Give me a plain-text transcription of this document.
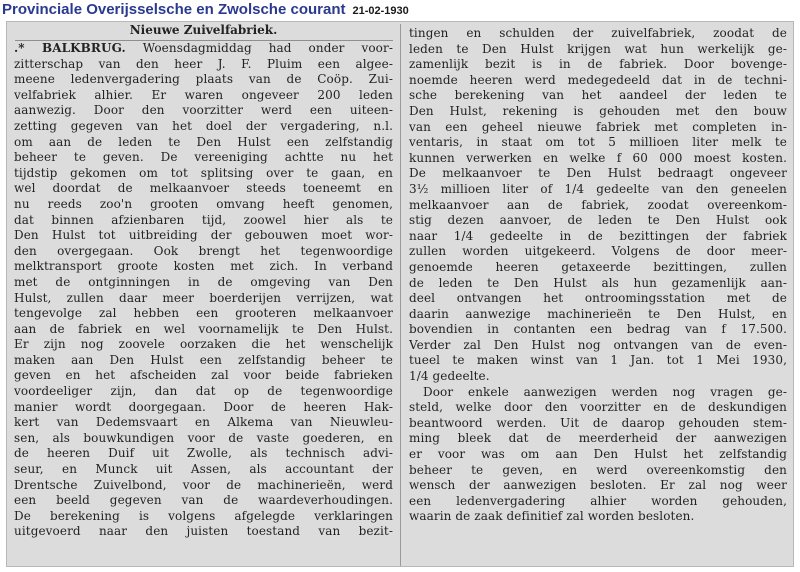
Provinciale Overijsselsche en Zwolsche courant 21-02-1930
Nieuwe Zuivelfabriek.
.* BALKBRUG. Woensdagmiddag had onder voor-
zitterschap van den heer J. F. Pluim een algee-
meene ledenvergadering plaats van de Coöp. Zui-
velfabriek alhier. Er waren ongeveer 200 leden
aanwezig. Door den voorzitter werd een uiteen-
zetting gegeven van het doel der vergadering, n.l.
om aan de leden te Den Hulst een zelfstandig
beheer te geven. De vereeniging achtte nu het
tijdstip gekomen om tot splitsing over te gaan, en
wel doordat de melkaanvoer steeds toeneemt en
nu reeds zoo'n grooten omvang heeft genomen,
dat binnen afzienbaren tijd, zoowel hier als te
Den Hulst tot uitbreiding der gebouwen moet wor-
den overgegaan. Ook brengt het tegenwoordige
melktransport groote kosten met zich. In verband
met de ontginningen in de omgeving van Den
Hulst, zullen daar meer boerderijen verrijzen, wat
tengevolge zal hebben een grooteren melkaanvoer
aan de fabriek en wel voornamelijk te Den Hulst.
Er zijn nog zoovele oorzaken die het wenschelijk
maken aan Den Hulst een zelfstandig beheer te
geven en het afscheiden zal voor beide fabrieken
voordeeliger zijn, dan dat op de tegenwoordige
manier wordt doorgegaan. Door de heeren Hak-
kert van Dedemsvaart en Alkema van Nieuwleu-
sen, als bouwkundigen voor de vaste goederen, en
de heeren Duif uit Zwolle, als technisch advi-
seur, en Munck uit Assen, als accountant der
Drentsche Zuivelbond, voor de machinerieën, werd
een beeld gegeven van de waardeverhoudingen.
De berekening is volgens afgelegde verklaringen
uitgevoerd naar den juisten toestand van bezit-
tingen en schulden der zuivelfabriek, zoodat de
leden te Den Hulst krijgen wat hun werkelijk ge-
zamenlijk bezit is in de fabriek. Door bovenge-
noemde heeren werd medegedeeld dat in de techni-
sche berekening van het aandeel der leden te
Den Hulst, rekening is gehouden met den bouw
van een geheel nieuwe fabriek met completen in-
ventaris, in staat om tot 5 millioen liter melk te
kunnen verwerken en welke f 60 000 moest kosten.
De melkaanvoer te Den Hulst bedraagt ongeveer
3½ millioen liter of 1/4 gedeelte van den geneelen
melkaanvoer aan de fabriek, zoodat overeenkom-
stig dezen aanvoer, de leden te Den Hulst ook
naar 1/4 gedeelte in de bezittingen der fabriek
zullen worden uitgekeerd. Volgens de door meer-
genoemde heeren getaxeerde bezittingen, zullen
de leden te Den Hulst als hun gezamenlijk aan-
deel ontvangen het ontroomingsstation met de
daarin aanwezige machinerieën te Den Hulst, en
bovendien in contanten een bedrag van f 17.500.
Verder zal Den Hulst nog ontvangen van de even-
tueel te maken winst van 1 Jan. tot 1 Mei 1930,
1/4 gedeelte.
Door enkele aanwezigen werden nog vragen ge-
steld, welke door den voorzitter en de deskundigen
beantwoord werden. Uit de daarop gehouden stem-
ming bleek dat de meerderheid der aanwezigen
er voor was om aan Den Hulst het zelfstandig
beheer te geven, en werd overeenkomstig den
wensch der aanwezigen besloten. Er zal nog weer
een ledenvergadering alhier worden gehouden,
waarin de zaak definitief zal worden besloten.
